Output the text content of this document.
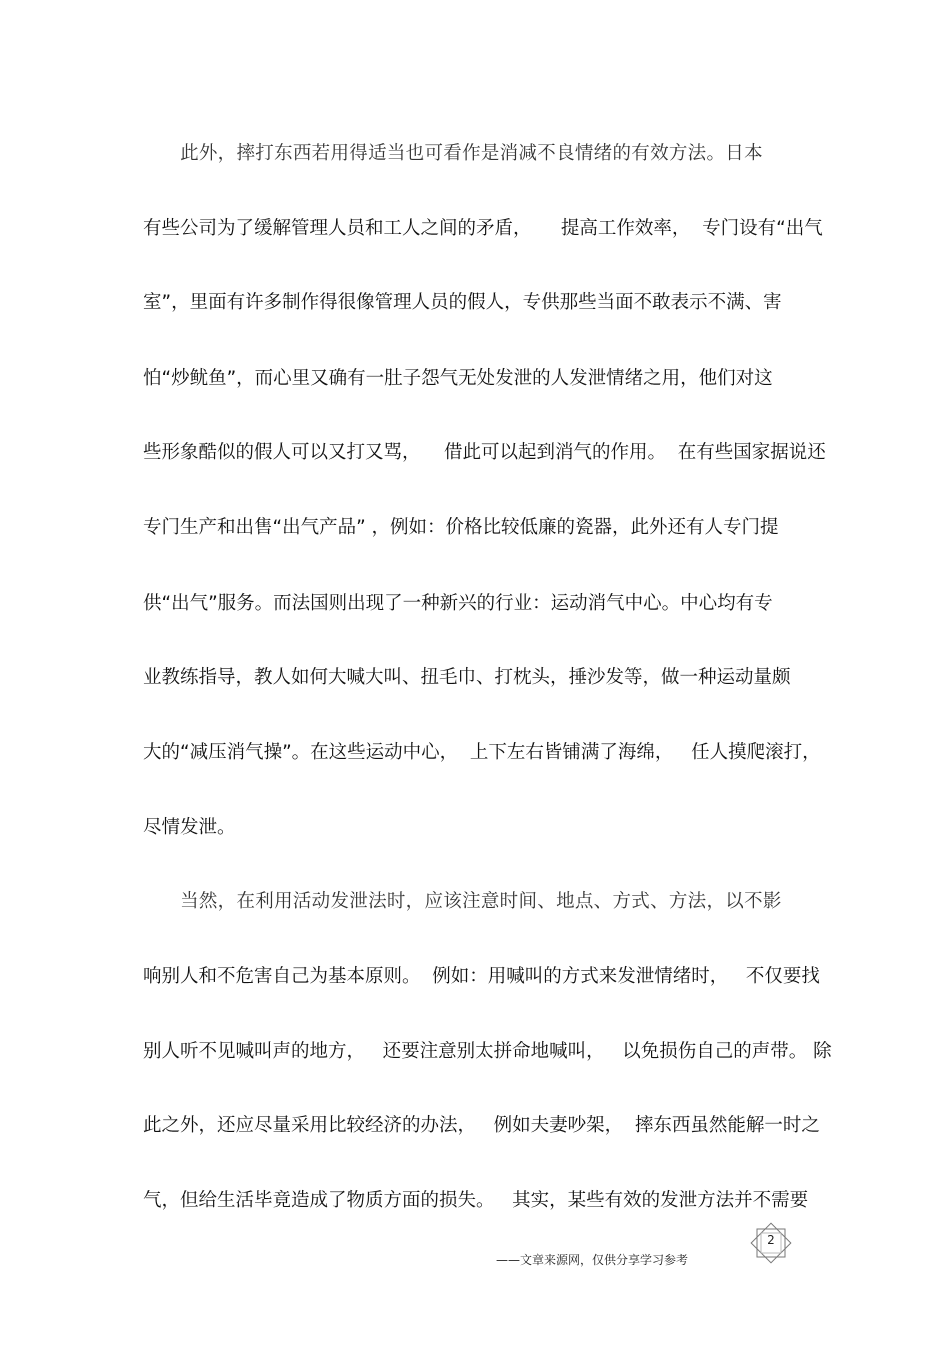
此外，摔打东西若用得适当也可看作是消减不良情绪的有效方法。日本
有些公司为了缓解管理人员和工人之间的矛盾，     提高工作效率，  专门设有“出气
室”，里面有许多制作得很像管理人员的假人，专供那些当面不敢表示不满、害
怕“炒鱿鱼”，而心里又确有一肚子怨气无处发泄的人发泄情绪之用，他们对这
些形象酷似的假人可以又打又骂，    借此可以起到消气的作用。  在有些国家据说还
专门生产和出售“出气产品” ，例如：价格比较低廉的瓷器，此外还有人专门提
供“出气”服务。而法国则出现了一种新兴的行业：运动消气中心。中心均有专
业教练指导，教人如何大喊大叫、扭毛巾、打枕头，捶沙发等，做一种运动量颇
大的“减压消气操”。在这些运动中心，  上下左右皆铺满了海绵，   任人摸爬滚打，
尽情发泄。
当然，在利用活动发泄法时，应该注意时间、地点、方式、方法，以不影
响别人和不危害自己为基本原则。  例如：用喊叫的方式来发泄情绪时，   不仅要找
别人听不见喊叫声的地方，   还要注意别太拼命地喊叫，   以免损伤自己的声带。 除
此之外，还应尽量采用比较经济的办法，   例如夫妻吵架，  摔东西虽然能解一时之
气，但给生活毕竟造成了物质方面的损失。   其实，某些有效的发泄方法并不需要
2
——文章来源网，仅供分享学习参考
